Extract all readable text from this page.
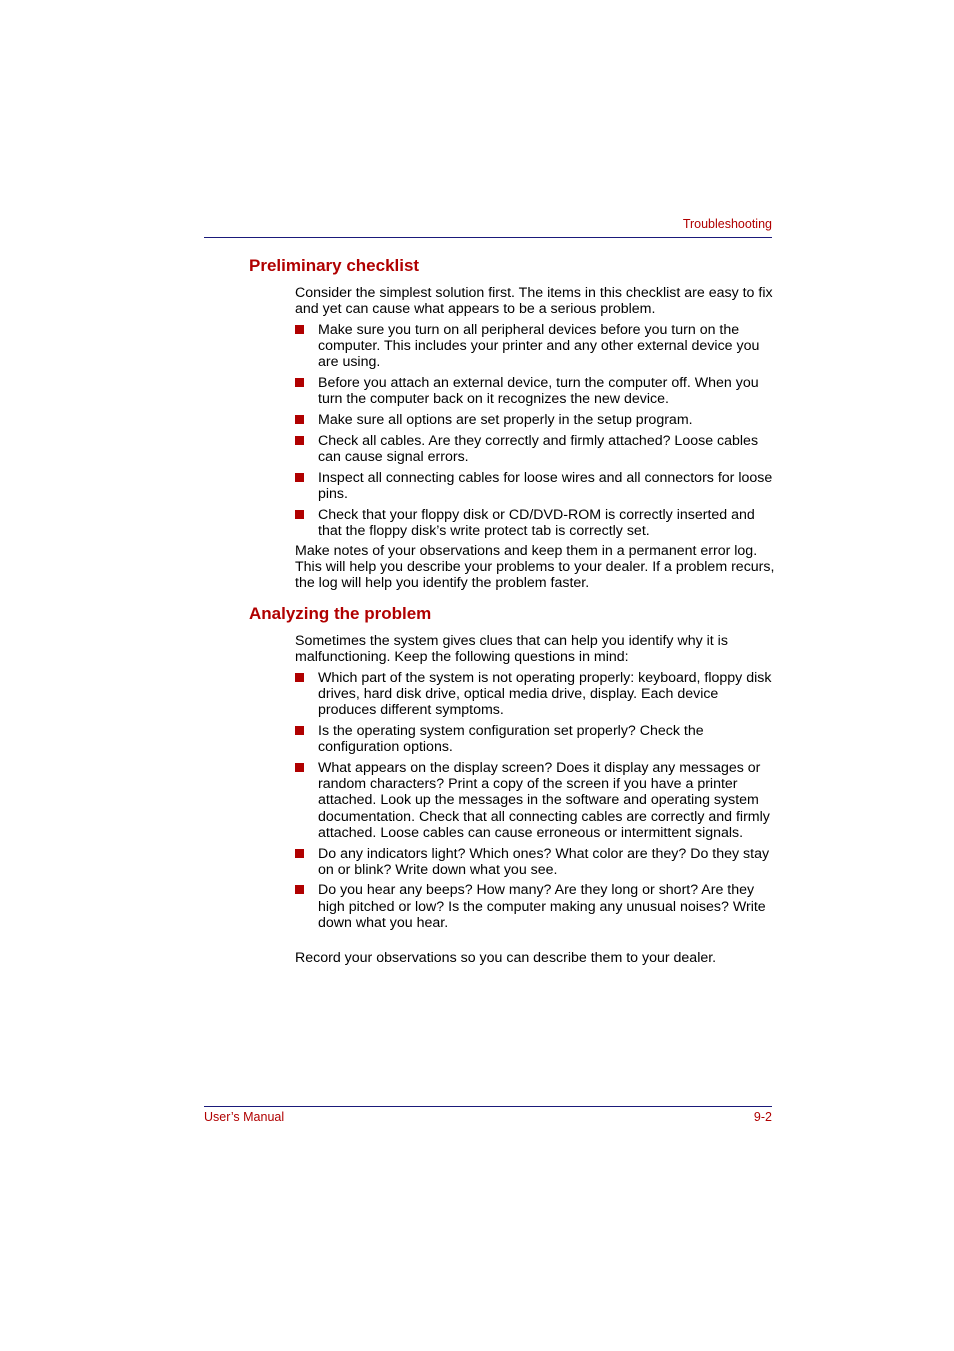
Troubleshooting
Preliminary checklist

Consider the simplest solution first. The items in this checklist are easy to fix and yet can cause what appears to be a serious problem.

Make sure you turn on all peripheral devices before you turn on the computer. This includes your printer and any other external device you are using.
Before you attach an external device, turn the computer off. When you turn the computer back on it recognizes the new device.
Make sure all options are set properly in the setup program.
Check all cables. Are they correctly and firmly attached? Loose cables can cause signal errors.
Inspect all connecting cables for loose wires and all connectors for loose pins.
Check that your floppy disk or CD/DVD-ROM is correctly inserted and that the floppy disk’s write protect tab is correctly set.

Make notes of your observations and keep them in a permanent error log. This will help you describe your problems to your dealer. If a problem recurs, the log will help you identify the problem faster.

Analyzing the problem

Sometimes the system gives clues that can help you identify why it is malfunctioning. Keep the following questions in mind:

Which part of the system is not operating properly: keyboard, floppy disk drives, hard disk drive, optical media drive, display. Each device produces different symptoms.
Is the operating system configuration set properly? Check the configuration options.
What appears on the display screen? Does it display any messages or random characters? Print a copy of the screen if you have a printer attached. Look up the messages in the software and operating system documentation. Check that all connecting cables are correctly and firmly attached. Loose cables can cause erroneous or intermittent signals.
Do any indicators light? Which ones? What color are they? Do they stay on or blink? Write down what you see.
Do you hear any beeps? How many? Are they long or short? Are they high pitched or low? Is the computer making any unusual noises? Write down what you hear.

Record your observations so you can describe them to your dealer.

User’s Manual	9-2
